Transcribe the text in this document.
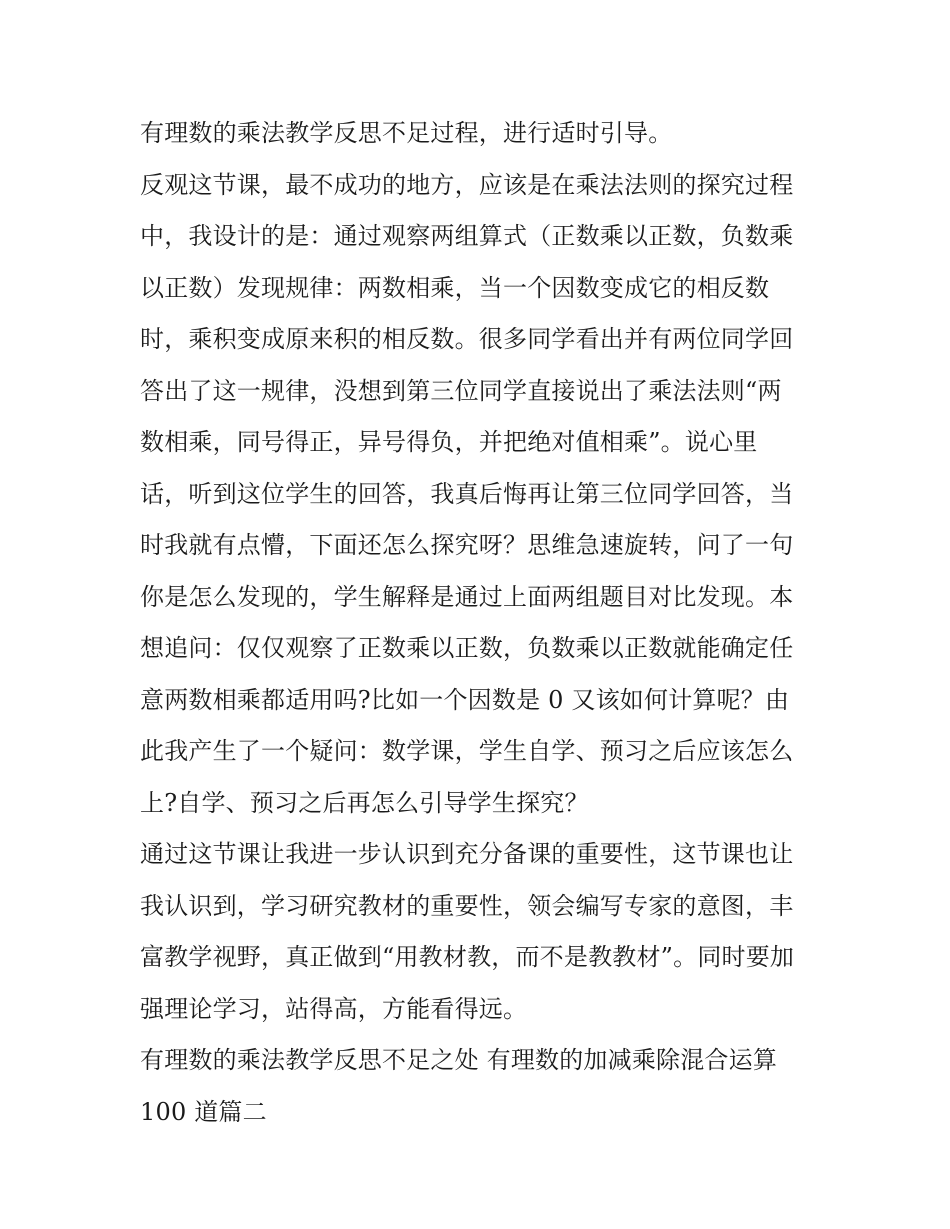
有理数的乘法教学反思不足过程，进行适时引导。
反观这节课，最不成功的地方，应该是在乘法法则的探究过程
中，我设计的是：通过观察两组算式（正数乘以正数，负数乘
以正数）发现规律：两数相乘，当一个因数变成它的相反数
时，乘积变成原来积的相反数。很多同学看出并有两位同学回
答出了这一规律，没想到第三位同学直接说出了乘法法则“两
数相乘，同号得正，异号得负，并把绝对值相乘”。说心里
话，听到这位学生的回答，我真后悔再让第三位同学回答，当
时我就有点懵，下面还怎么探究呀？思维急速旋转，问了一句
你是怎么发现的，学生解释是通过上面两组题目对比发现。本
想追问：仅仅观察了正数乘以正数，负数乘以正数就能确定任
意两数相乘都适用吗?比如一个因数是 0 又该如何计算呢？由
此我产生了一个疑问：数学课，学生自学、预习之后应该怎么
上?自学、预习之后再怎么引导学生探究？
通过这节课让我进一步认识到充分备课的重要性，这节课也让
我认识到，学习研究教材的重要性，领会编写专家的意图，丰
富教学视野，真正做到“用教材教，而不是教教材”。同时要加
强理论学习，站得高，方能看得远。
有理数的乘法教学反思不足之处 有理数的加减乘除混合运算
100 道篇二
